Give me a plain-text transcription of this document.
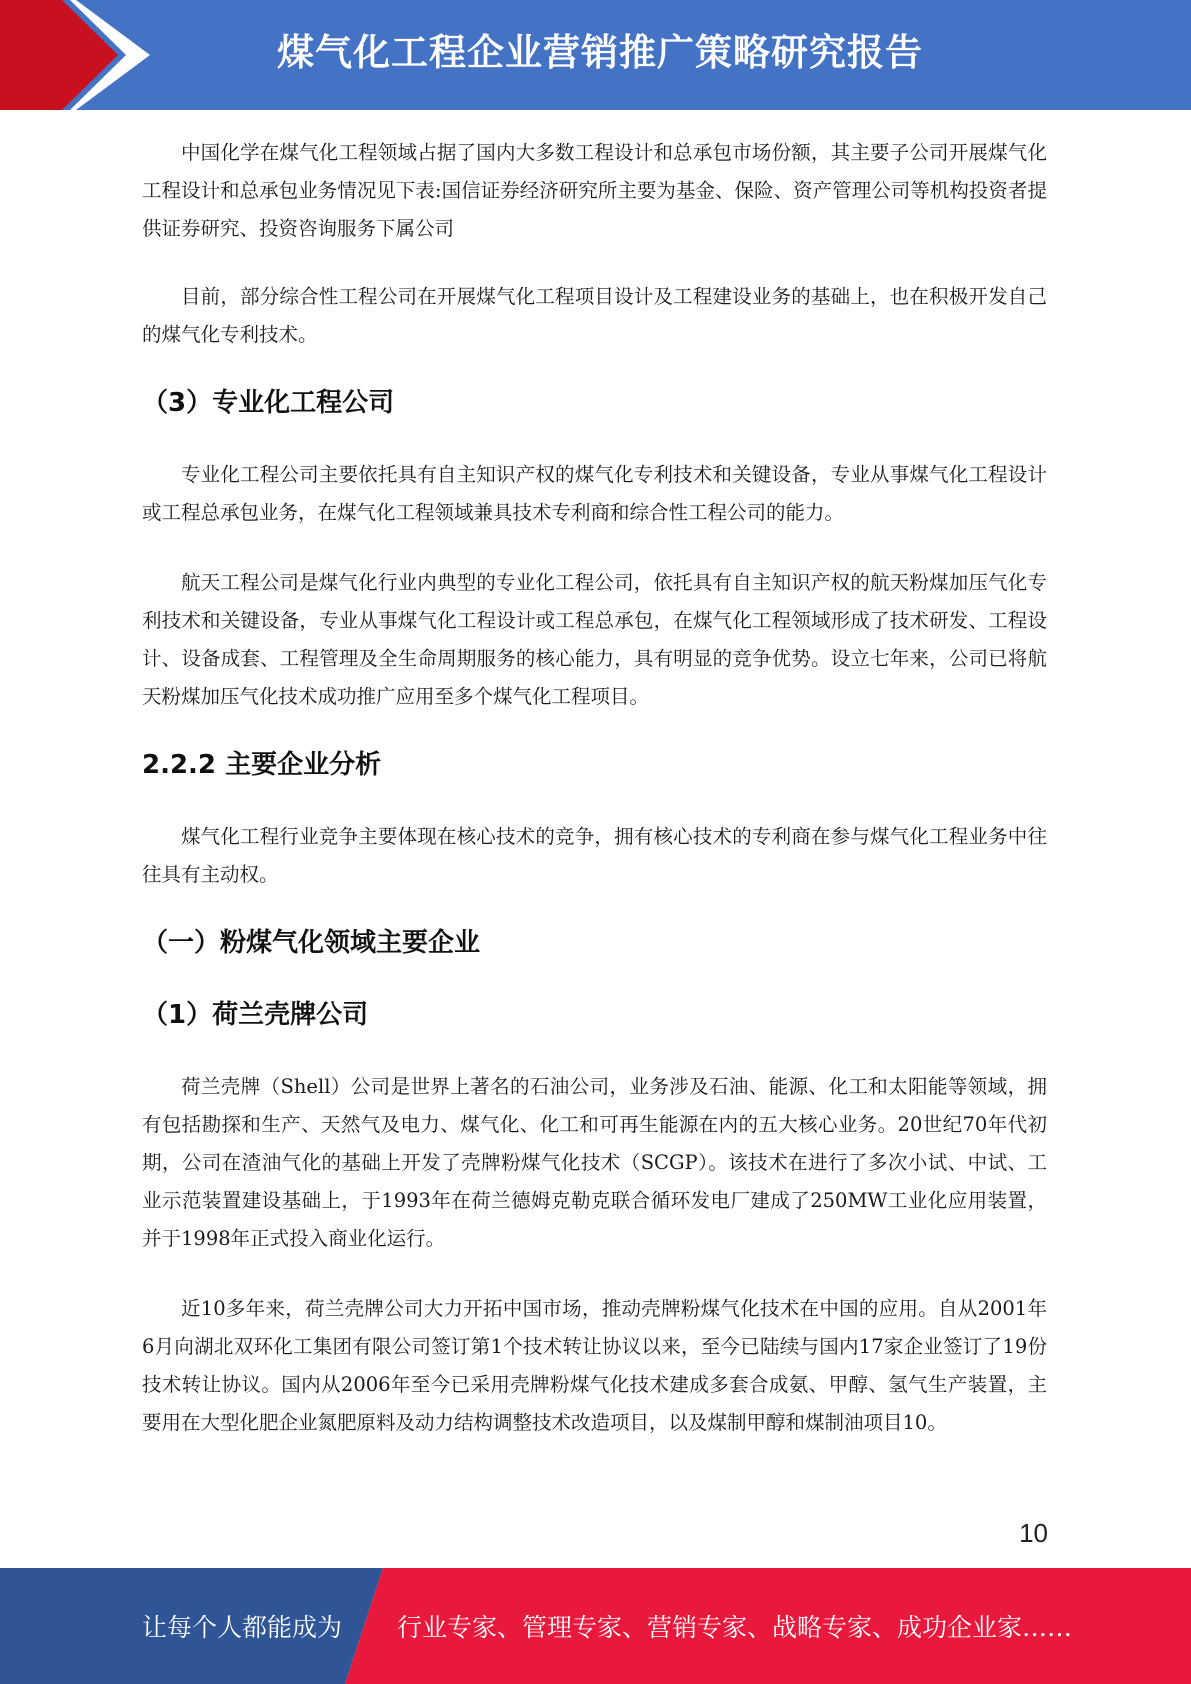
煤气化工程企业营销推广策略研究报告

中国化学在煤气化工程领域占据了国内大多数工程设计和总承包市场份额，其主要子公司开展煤气化工程设计和总承包业务情况见下表:国信证券经济研究所主要为基金、保险、资产管理公司等机构投资者提供证券研究、投资咨询服务下属公司

目前，部分综合性工程公司在开展煤气化工程项目设计及工程建设业务的基础上，也在积极开发自己的煤气化专利技术。

（3）专业化工程公司

专业化工程公司主要依托具有自主知识产权的煤气化专利技术和关键设备，专业从事煤气化工程设计或工程总承包业务，在煤气化工程领域兼具技术专利商和综合性工程公司的能力。

航天工程公司是煤气化行业内典型的专业化工程公司，依托具有自主知识产权的航天粉煤加压气化专利技术和关键设备，专业从事煤气化工程设计或工程总承包，在煤气化工程领域形成了技术研发、工程设计、设备成套、工程管理及全生命周期服务的核心能力，具有明显的竞争优势。设立七年来，公司已将航天粉煤加压气化技术成功推广应用至多个煤气化工程项目。

2.2.2 主要企业分析

煤气化工程行业竞争主要体现在核心技术的竞争，拥有核心技术的专利商在参与煤气化工程业务中往往具有主动权。

（一）粉煤气化领域主要企业
（1）荷兰壳牌公司

荷兰壳牌（Shell）公司是世界上著名的石油公司，业务涉及石油、能源、化工和太阳能等领域，拥有包括勘探和生产、天然气及电力、煤气化、化工和可再生能源在内的五大核心业务。20世纪70年代初期，公司在渣油气化的基础上开发了壳牌粉煤气化技术（SCGP）。该技术在进行了多次小试、中试、工业示范装置建设基础上，于1993年在荷兰德姆克勒克联合循环发电厂建成了250MW工业化应用装置，并于1998年正式投入商业化运行。

近10多年来，荷兰壳牌公司大力开拓中国市场，推动壳牌粉煤气化技术在中国的应用。自从2001年6月向湖北双环化工集团有限公司签订第1个技术转让协议以来，至今已陆续与国内17家企业签订了19份技术转让协议。国内从2006年至今已采用壳牌粉煤气化技术建成多套合成氨、甲醇、氢气生产装置，主要用在大型化肥企业氮肥原料及动力结构调整技术改造项目，以及煤制甲醇和煤制油项目10。

10
让每个人都能成为 行业专家、管理专家、营销专家、战略专家、成功企业家……
